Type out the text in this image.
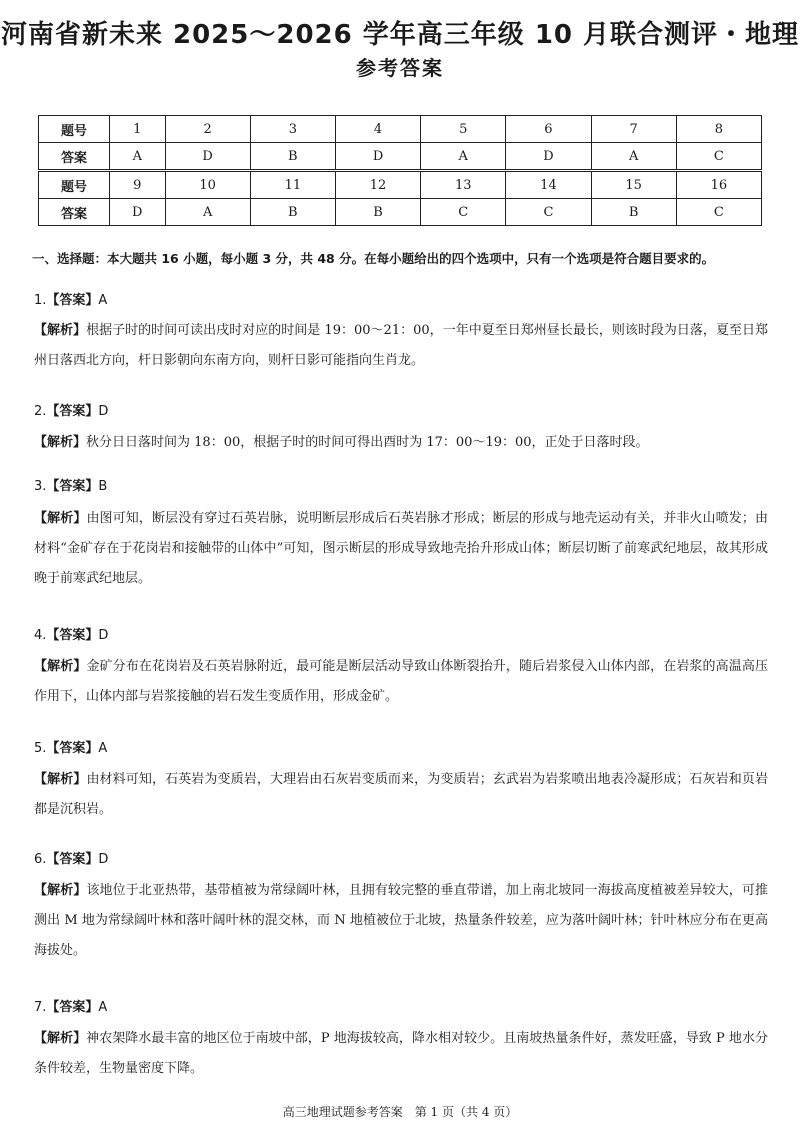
河南省新未来 2025～2026 学年高三年级 10 月联合测评・地理
参考答案
题号	1	2	3	4	5	6	7	8
答案	A	D	B	D	A	D	A	C
题号	9	10	11	12	13	14	15	16
答案	D	A	B	B	C	C	B	C
一、选择题：本大题共 16 小题，每小题 3 分，共 48 分。在每小题给出的四个选项中，只有一个选项是符合题目要求的。
1.【答案】A
【解析】根据子时的时间可读出戌时对应的时间是 19：00～21：00，一年中夏至日郑州昼长最长，则该时段为日落，夏至日郑州日落西北方向，杆日影朝向东南方向，则杆日影可能指向生肖龙。
2.【答案】D
【解析】秋分日日落时间为 18：00，根据子时的时间可得出酉时为 17：00～19：00，正处于日落时段。
3.【答案】B
【解析】由图可知，断层没有穿过石英岩脉，说明断层形成后石英岩脉才形成；断层的形成与地壳运动有关，并非火山喷发；由材料“金矿存在于花岗岩和接触带的山体中”可知，图示断层的形成导致地壳抬升形成山体；断层切断了前寒武纪地层，故其形成晚于前寒武纪地层。
4.【答案】D
【解析】金矿分布在花岗岩及石英岩脉附近，最可能是断层活动导致山体断裂抬升，随后岩浆侵入山体内部，在岩浆的高温高压作用下，山体内部与岩浆接触的岩石发生变质作用，形成金矿。
5.【答案】A
【解析】由材料可知，石英岩为变质岩，大理岩由石灰岩变质而来，为变质岩；玄武岩为岩浆喷出地表冷凝形成；石灰岩和页岩都是沉积岩。
6.【答案】D
【解析】该地位于北亚热带，基带植被为常绿阔叶林，且拥有较完整的垂直带谱，加上南北坡同一海拔高度植被差异较大，可推测出 M 地为常绿阔叶林和落叶阔叶林的混交林，而 N 地植被位于北坡，热量条件较差，应为落叶阔叶林；针叶林应分布在更高海拔处。
7.【答案】A
【解析】神农架降水最丰富的地区位于南坡中部，P 地海拔较高，降水相对较少。且南坡热量条件好，蒸发旺盛，导致 P 地水分条件较差，生物量密度下降。
高三地理试题参考答案　第 1 页（共 4 页）
